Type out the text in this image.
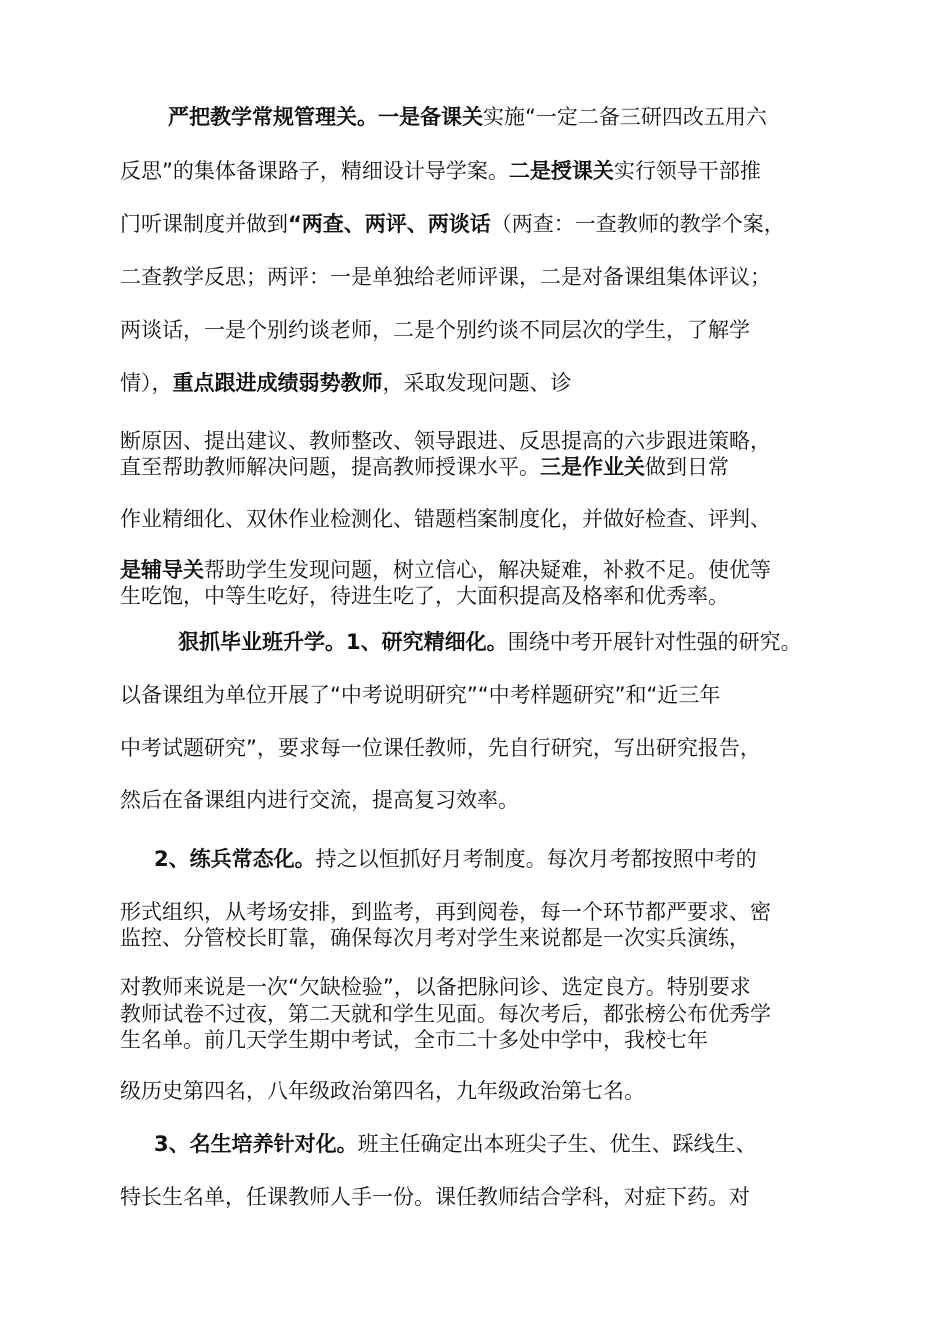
严把教学常规管理关。一是备课关实施“一定二备三研四改五用六
反思”的集体备课路子，精细设计导学案。二是授课关实行领导干部推
门听课制度并做到“两查、两评、两谈话（两查：一查教师的教学个案，
二查教学反思；两评：一是单独给老师评课，二是对备课组集体评议；
两谈话，一是个别约谈老师，二是个别约谈不同层次的学生，了解学
情），重点跟进成绩弱势教师，采取发现问题、诊
断原因、提出建议、教师整改、领导跟进、反思提高的六步跟进策略，
直至帮助教师解决问题，提高教师授课水平。三是作业关做到日常
作业精细化、双休作业检测化、错题档案制度化，并做好检查、评判、
是辅导关帮助学生发现问题，树立信心，解决疑难，补救不足。使优等
生吃饱，中等生吃好，待进生吃了，大面积提高及格率和优秀率。
狠抓毕业班升学。1、研究精细化。围绕中考开展针对性强的研究。
以备课组为单位开展了“中考说明研究”“中考样题研究”和“近三年
中考试题研究”，要求每一位课任教师，先自行研究，写出研究报告，
然后在备课组内进行交流，提高复习效率。
2、练兵常态化。持之以恒抓好月考制度。每次月考都按照中考的
形式组织，从考场安排，到监考，再到阅卷，每一个环节都严要求、密
监控、分管校长盯靠，确保每次月考对学生来说都是一次实兵演练，
对教师来说是一次“欠缺检验”，以备把脉问诊、选定良方。特别要求
教师试卷不过夜，第二天就和学生见面。每次考后，都张榜公布优秀学
生名单。前几天学生期中考试，全市二十多处中学中，我校七年
级历史第四名，八年级政治第四名，九年级政治第七名。
3、名生培养针对化。班主任确定出本班尖子生、优生、踩线生、
特长生名单，任课教师人手一份。课任教师结合学科，对症下药。对
